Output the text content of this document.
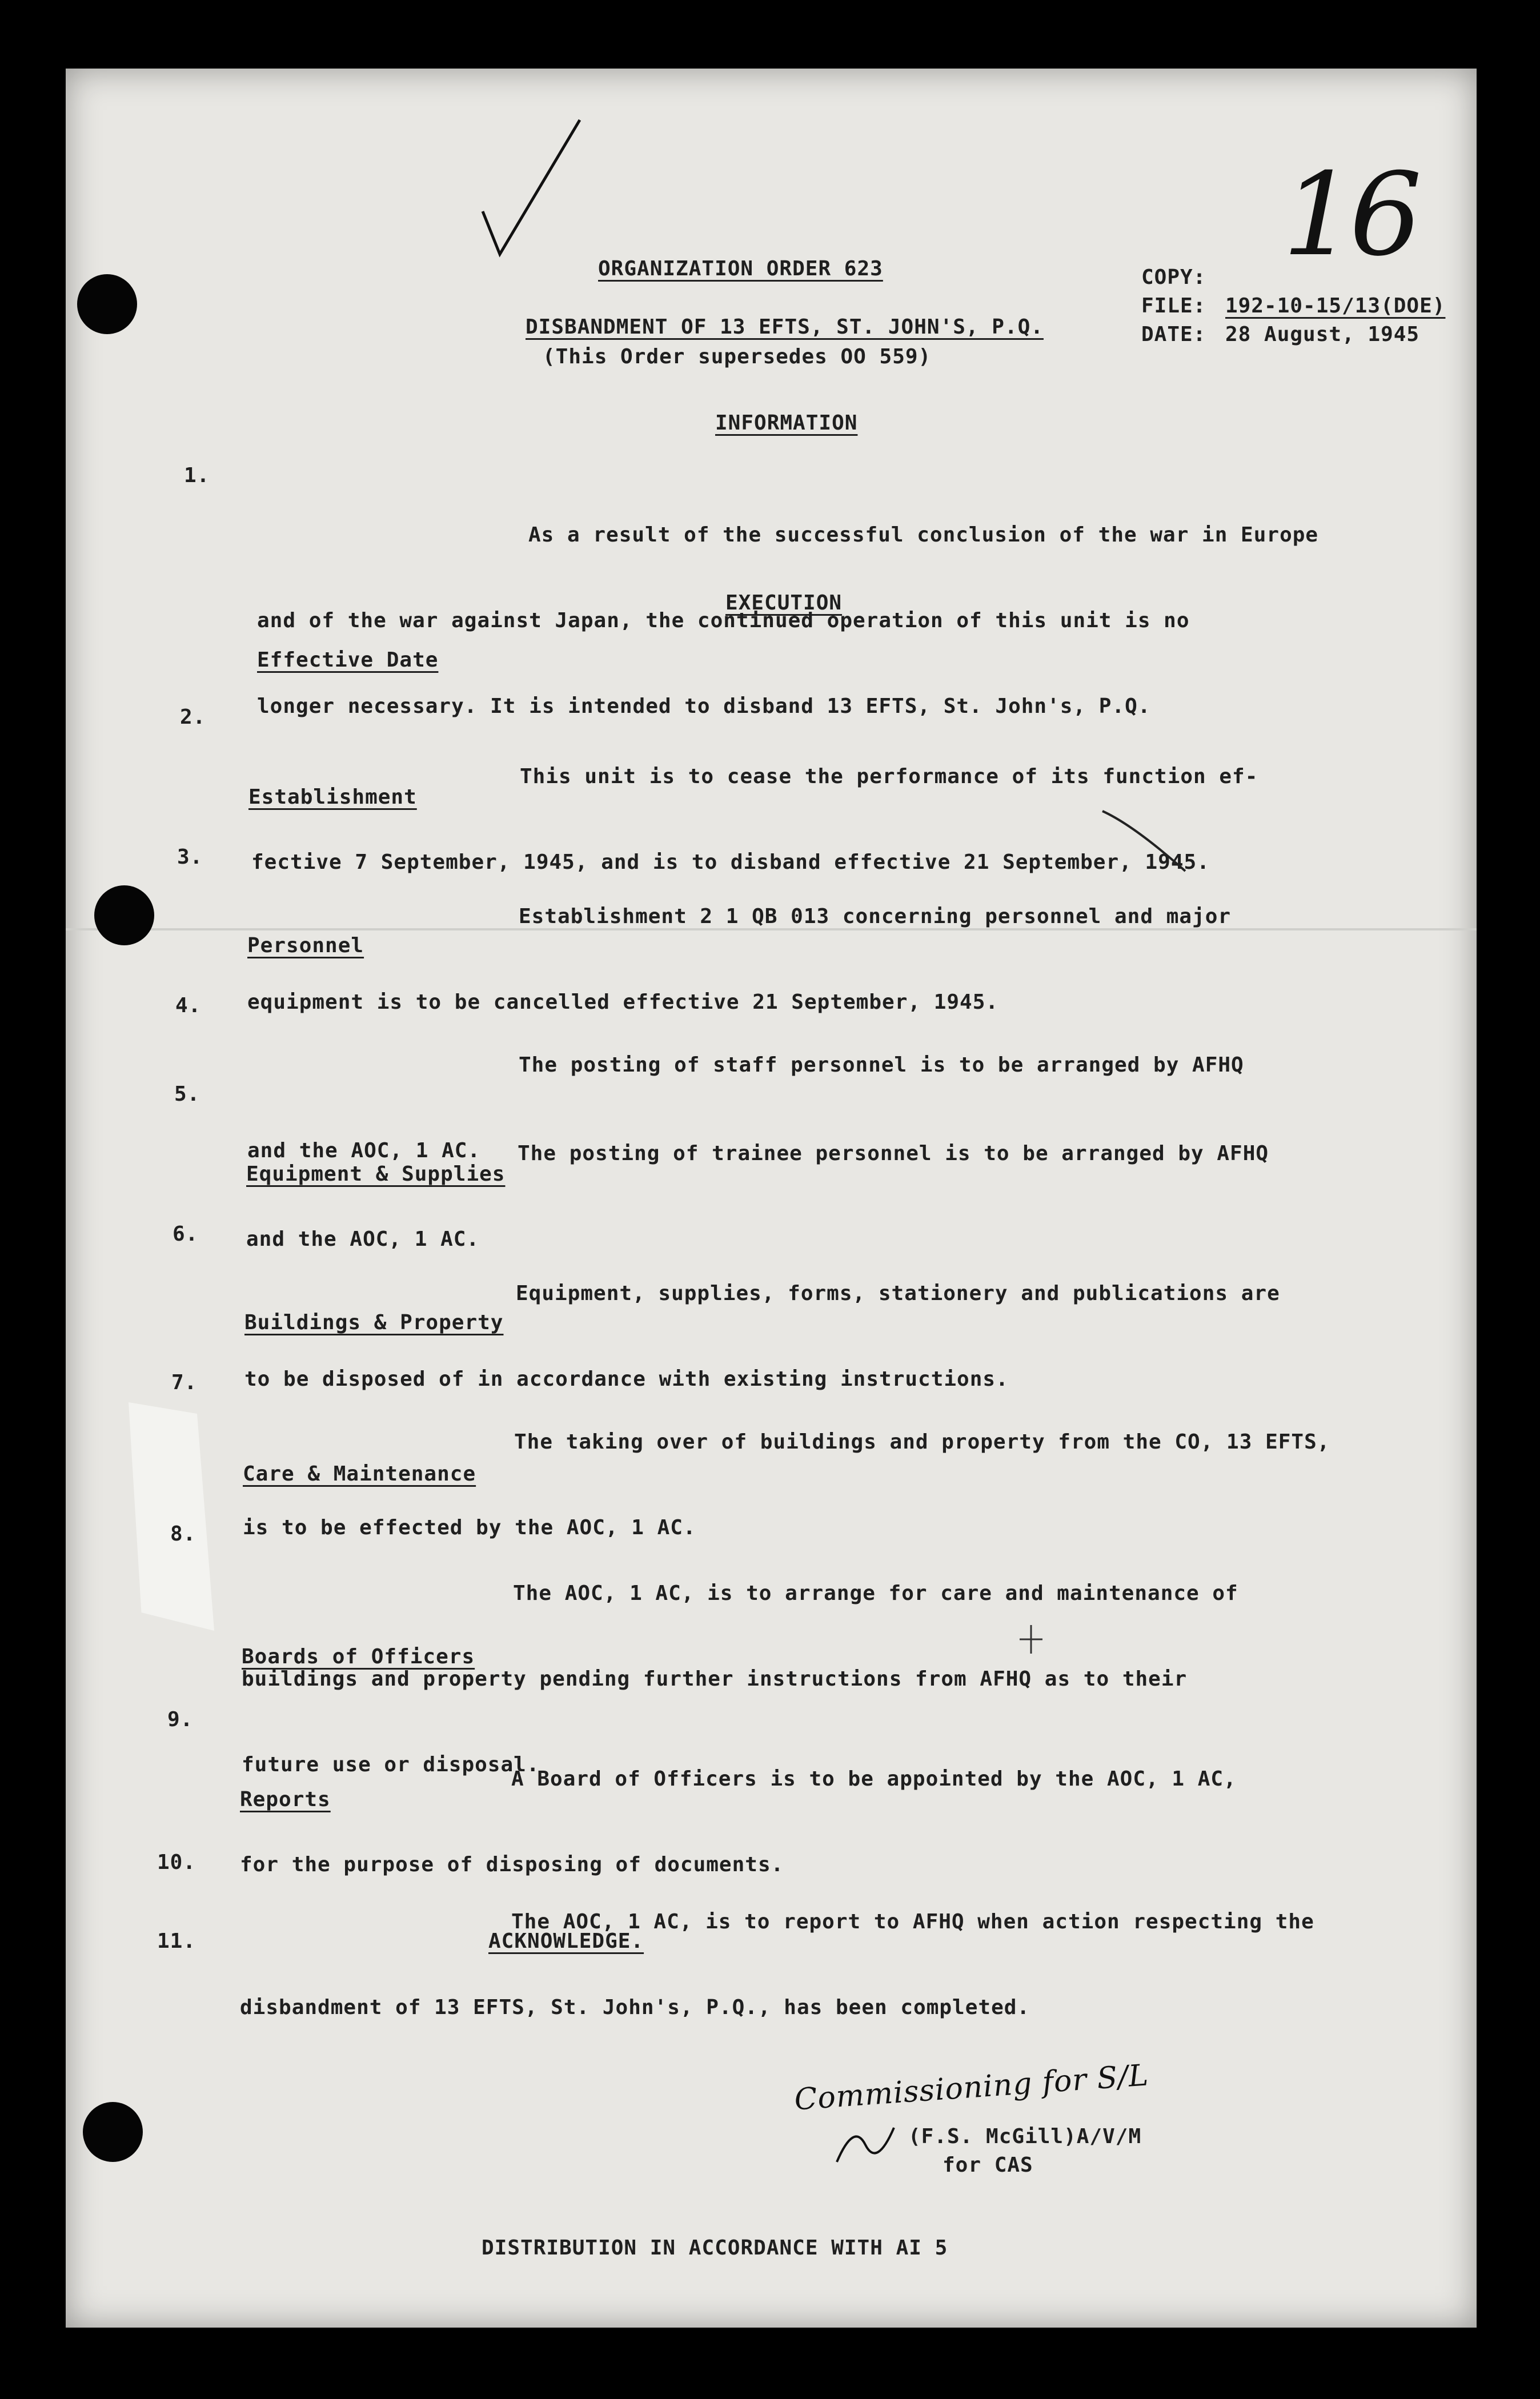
ORGANIZATION ORDER 623
DISBANDMENT OF 13 EFTS, ST. JOHN'S, P.Q.
(This Order supersedes OO 559)
COPY:
FILE: 192-10-15/13(DOE)
DATE: 28 August, 1945
16
INFORMATION
1.

As a result of the successful conclusion of the war in Europe

and of the war against Japan, the continued operation of this unit is no

longer necessary. It is intended to disband 13 EFTS, St. John's, P.Q.

EXECUTION
Effective Date
2.

This unit is to cease the performance of its function ef-

fective 7 September, 1945, and is to disband effective 21 September, 1945.

Establishment
3.

Establishment 2 1 QB 013 concerning personnel and major

equipment is to be cancelled effective 21 September, 1945.

Personnel
4.

The posting of staff personnel is to be arranged by AFHQ

and the AOC, 1 AC.

5.

The posting of trainee personnel is to be arranged by AFHQ

and the AOC, 1 AC.

Equipment & Supplies
6.

Equipment, supplies, forms, stationery and publications are

to be disposed of in accordance with existing instructions.

Buildings & Property
7.

The taking over of buildings and property from the CO, 13 EFTS,

is to be effected by the AOC, 1 AC.

Care & Maintenance
8.

The AOC, 1 AC, is to arrange for care and maintenance of

buildings and property pending further instructions from AFHQ as to their

future use or disposal.

Boards of Officers
9.

A Board of Officers is to be appointed by the AOC, 1 AC,

for the purpose of disposing of documents.

Reports
10.

The AOC, 1 AC, is to report to AFHQ when action respecting the

disbandment of 13 EFTS, St. John's, P.Q., has been completed.

11.	ACKNOWLEDGE.
Commissioning for S/L
(F.S. McGill)A/V/M
for CAS
DISTRIBUTION IN ACCORDANCE WITH AI 5
